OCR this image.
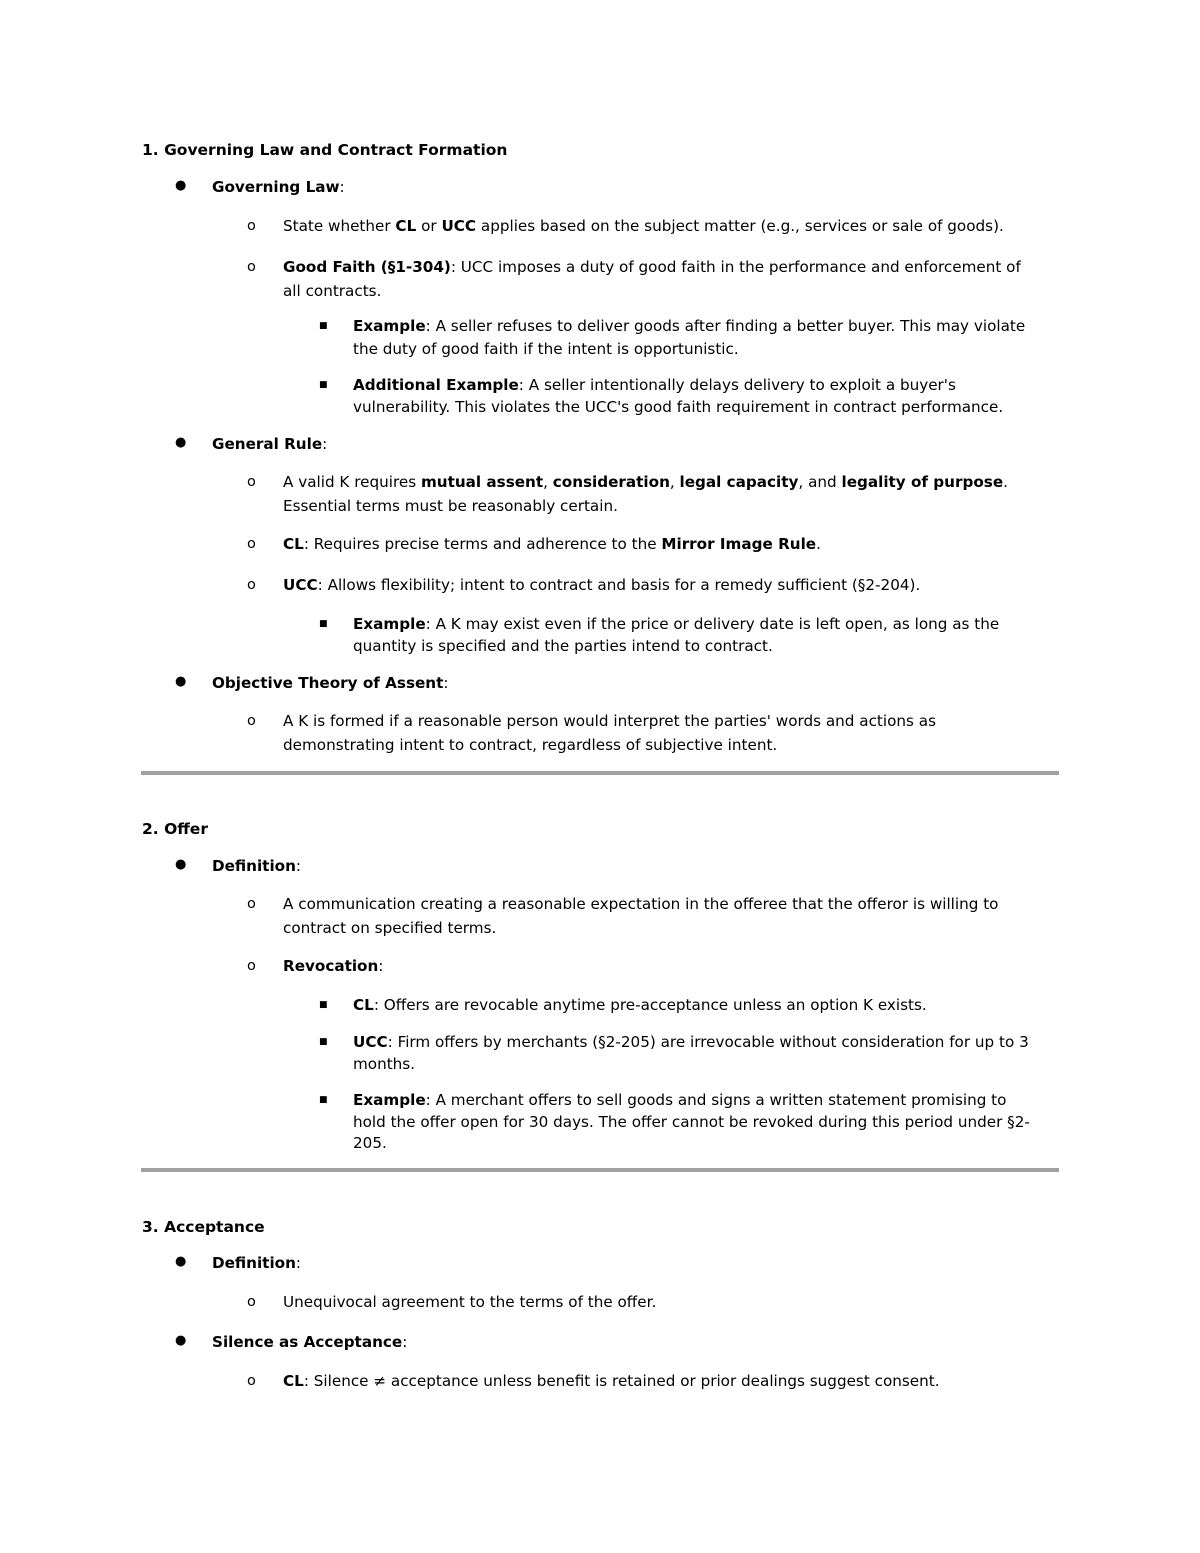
1. Governing Law and Contract Formation
● Governing Law:
o State whether CL or UCC applies based on the subject matter (e.g., services or sale of goods).
o Good Faith (§1-304): UCC imposes a duty of good faith in the performance and enforcement of
all contracts.
■ Example: A seller refuses to deliver goods after finding a better buyer. This may violate
the duty of good faith if the intent is opportunistic.
■ Additional Example: A seller intentionally delays delivery to exploit a buyer's
vulnerability. This violates the UCC's good faith requirement in contract performance.
● General Rule:
o A valid K requires mutual assent, consideration, legal capacity, and legality of purpose.
Essential terms must be reasonably certain.
o CL: Requires precise terms and adherence to the Mirror Image Rule.
o UCC: Allows flexibility; intent to contract and basis for a remedy sufficient (§2-204).
■ Example: A K may exist even if the price or delivery date is left open, as long as the
quantity is specified and the parties intend to contract.
● Objective Theory of Assent:
o A K is formed if a reasonable person would interpret the parties' words and actions as
demonstrating intent to contract, regardless of subjective intent.
2. Offer
● Definition:
o A communication creating a reasonable expectation in the offeree that the offeror is willing to
contract on specified terms.
o Revocation:
■ CL: Offers are revocable anytime pre-acceptance unless an option K exists.
■ UCC: Firm offers by merchants (§2-205) are irrevocable without consideration for up to 3
months.
■ Example: A merchant offers to sell goods and signs a written statement promising to
hold the offer open for 30 days. The offer cannot be revoked during this period under §2-
205.
3. Acceptance
● Definition:
o Unequivocal agreement to the terms of the offer.
● Silence as Acceptance:
o CL: Silence ≠ acceptance unless benefit is retained or prior dealings suggest consent.
